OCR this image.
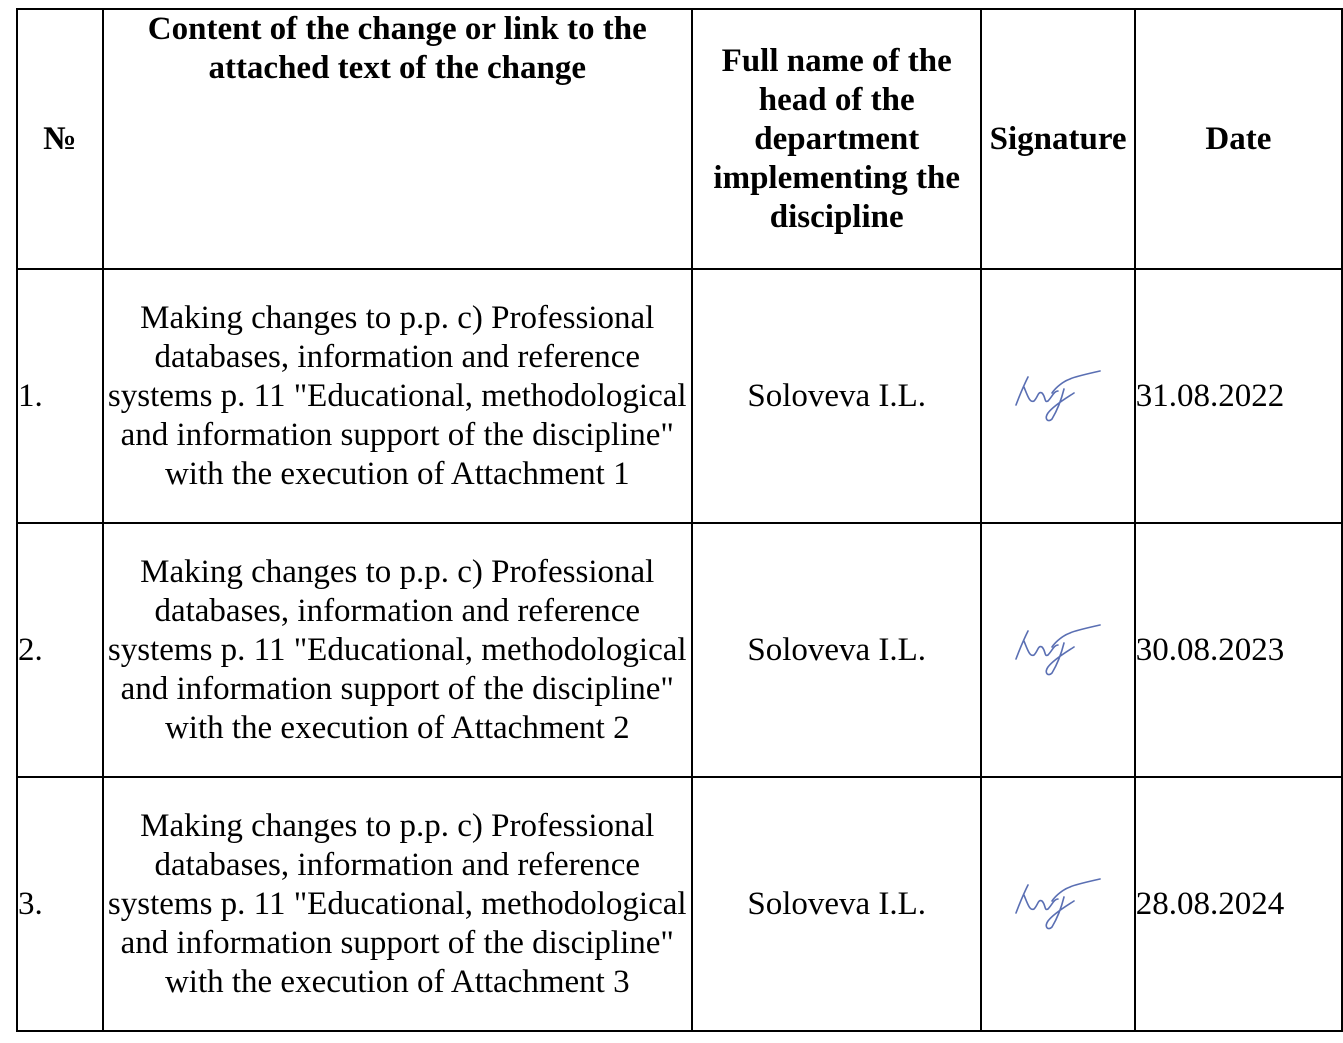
№	Content of the change or link to the attached text of the change	Full name of the head of the department implementing the discipline	Signature	Date
1.	Making changes to p.p. c) Professional databases, information and reference systems p. 11 "Educational, methodological and information support of the discipline" with the execution of Attachment 1	Soloveva I.L.		31.08.2022
2.	Making changes to p.p. c) Professional databases, information and reference systems p. 11 "Educational, methodological and information support of the discipline" with the execution of Attachment 2	Soloveva I.L.		30.08.2023
3.	Making changes to p.p. c) Professional databases, information and reference systems p. 11 "Educational, methodological and information support of the discipline" with the execution of Attachment 3	Soloveva I.L.		28.08.2024
